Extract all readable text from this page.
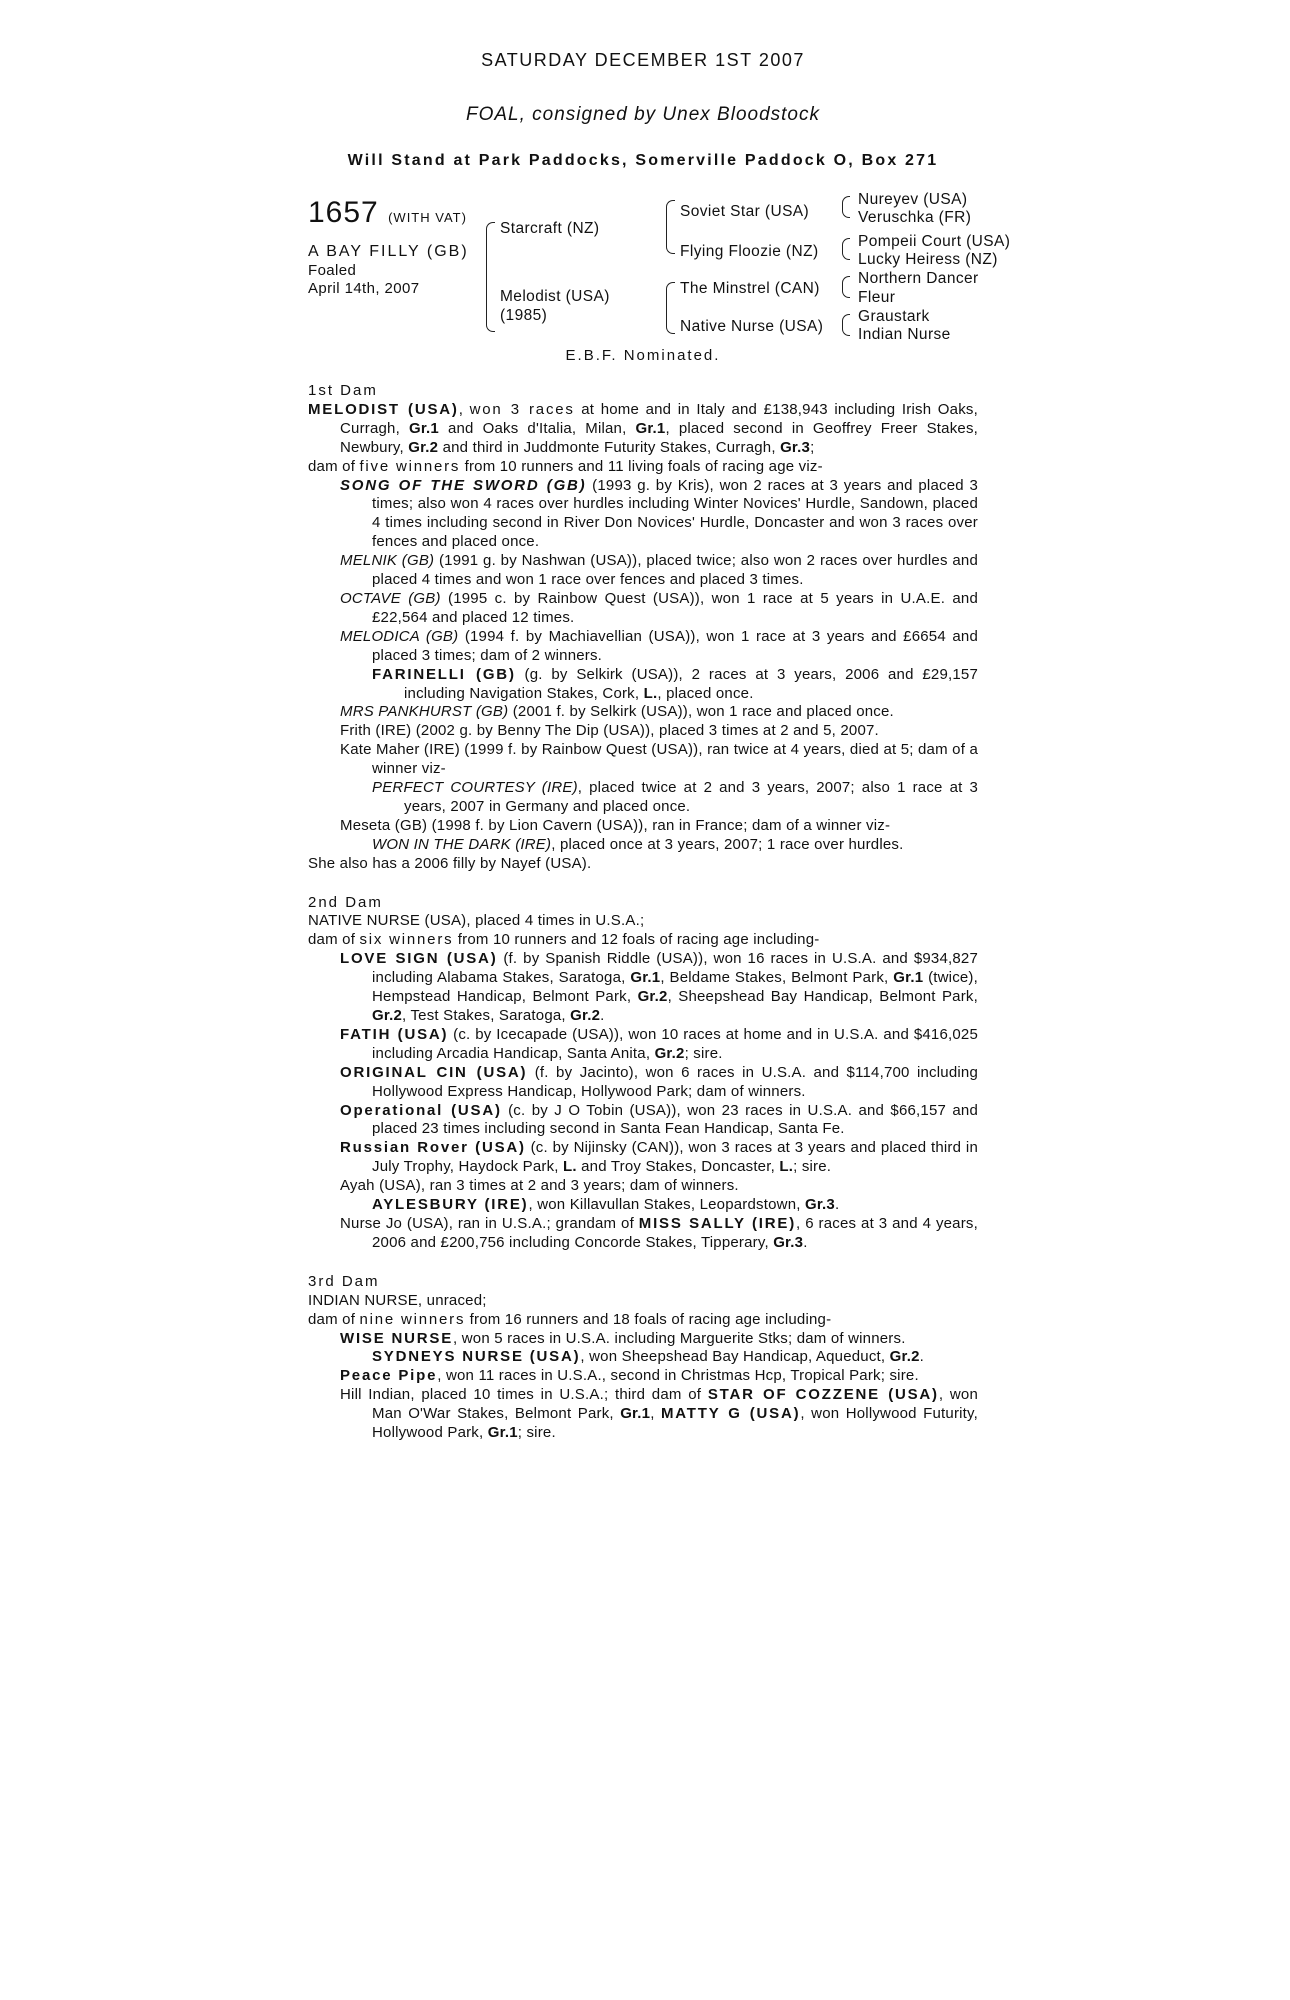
SATURDAY DECEMBER 1ST 2007
FOAL, consigned by Unex Bloodstock
Will Stand at Park Paddocks, Somerville Paddock O, Box 271
1657 (WITH VAT)
A BAY FILLY (GB)
Foaled
April 14th, 2007
Starcraft (NZ)
Melodist (USA)
(1985)
Soviet Star (USA)
Flying Floozie (NZ)
The Minstrel (CAN)
Native Nurse (USA)
Nureyev (USA)
Veruschka (FR)
Pompeii Court (USA)
Lucky Heiress (NZ)
Northern Dancer
Fleur
Graustark
Indian Nurse
E.B.F. Nominated.

1st Dam

MELODIST (USA), won 3 races at home and in Italy and £138,943 including Irish Oaks, Curragh, Gr.1 and Oaks d'Italia, Milan, Gr.1, placed second in Geoffrey Freer Stakes, Newbury, Gr.2 and third in Juddmonte Futurity Stakes, Curragh, Gr.3;

dam of five winners from 10 runners and 11 living foals of racing age viz-

SONG OF THE SWORD (GB) (1993 g. by Kris), won 2 races at 3 years and placed 3 times; also won 4 races over hurdles including Winter Novices' Hurdle, Sandown, placed 4 times including second in River Don Novices' Hurdle, Doncaster and won 3 races over fences and placed once.

MELNIK (GB) (1991 g. by Nashwan (USA)), placed twice; also won 2 races over hurdles and placed 4 times and won 1 race over fences and placed 3 times.

OCTAVE (GB) (1995 c. by Rainbow Quest (USA)), won 1 race at 5 years in U.A.E. and £22,564 and placed 12 times.

MELODICA (GB) (1994 f. by Machiavellian (USA)), won 1 race at 3 years and £6654 and placed 3 times; dam of 2 winners.

FARINELLI (GB) (g. by Selkirk (USA)), 2 races at 3 years, 2006 and £29,157 including Navigation Stakes, Cork, L., placed once.

MRS PANKHURST (GB) (2001 f. by Selkirk (USA)), won 1 race and placed once.

Frith (IRE) (2002 g. by Benny The Dip (USA)), placed 3 times at 2 and 5, 2007.

Kate Maher (IRE) (1999 f. by Rainbow Quest (USA)), ran twice at 4 years, died at 5; dam of a winner viz-

PERFECT COURTESY (IRE), placed twice at 2 and 3 years, 2007; also 1 race at 3 years, 2007 in Germany and placed once.

Meseta (GB) (1998 f. by Lion Cavern (USA)), ran in France; dam of a winner viz-

WON IN THE DARK (IRE), placed once at 3 years, 2007; 1 race over hurdles.

She also has a 2006 filly by Nayef (USA).

2nd Dam

NATIVE NURSE (USA), placed 4 times in U.S.A.;

dam of six winners from 10 runners and 12 foals of racing age including-

LOVE SIGN (USA) (f. by Spanish Riddle (USA)), won 16 races in U.S.A. and $934,827 including Alabama Stakes, Saratoga, Gr.1, Beldame Stakes, Belmont Park, Gr.1 (twice), Hempstead Handicap, Belmont Park, Gr.2, Sheepshead Bay Handicap, Belmont Park, Gr.2, Test Stakes, Saratoga, Gr.2.

FATIH (USA) (c. by Icecapade (USA)), won 10 races at home and in U.S.A. and $416,025 including Arcadia Handicap, Santa Anita, Gr.2; sire.

ORIGINAL CIN (USA) (f. by Jacinto), won 6 races in U.S.A. and $114,700 including Hollywood Express Handicap, Hollywood Park; dam of winners.

Operational (USA) (c. by J O Tobin (USA)), won 23 races in U.S.A. and $66,157 and placed 23 times including second in Santa Fean Handicap, Santa Fe.

Russian Rover (USA) (c. by Nijinsky (CAN)), won 3 races at 3 years and placed third in July Trophy, Haydock Park, L. and Troy Stakes, Doncaster, L.; sire.

Ayah (USA), ran 3 times at 2 and 3 years; dam of winners.

AYLESBURY (IRE), won Killavullan Stakes, Leopardstown, Gr.3.

Nurse Jo (USA), ran in U.S.A.; grandam of MISS SALLY (IRE), 6 races at 3 and 4 years, 2006 and £200,756 including Concorde Stakes, Tipperary, Gr.3.

3rd Dam

INDIAN NURSE, unraced;

dam of nine winners from 16 runners and 18 foals of racing age including-

WISE NURSE, won 5 races in U.S.A. including Marguerite Stks; dam of winners.

SYDNEYS NURSE (USA), won Sheepshead Bay Handicap, Aqueduct, Gr.2.

Peace Pipe, won 11 races in U.S.A., second in Christmas Hcp, Tropical Park; sire.

Hill Indian, placed 10 times in U.S.A.; third dam of STAR OF COZZENE (USA), won Man O'War Stakes, Belmont Park, Gr.1, MATTY G (USA), won Hollywood Futurity, Hollywood Park, Gr.1; sire.
